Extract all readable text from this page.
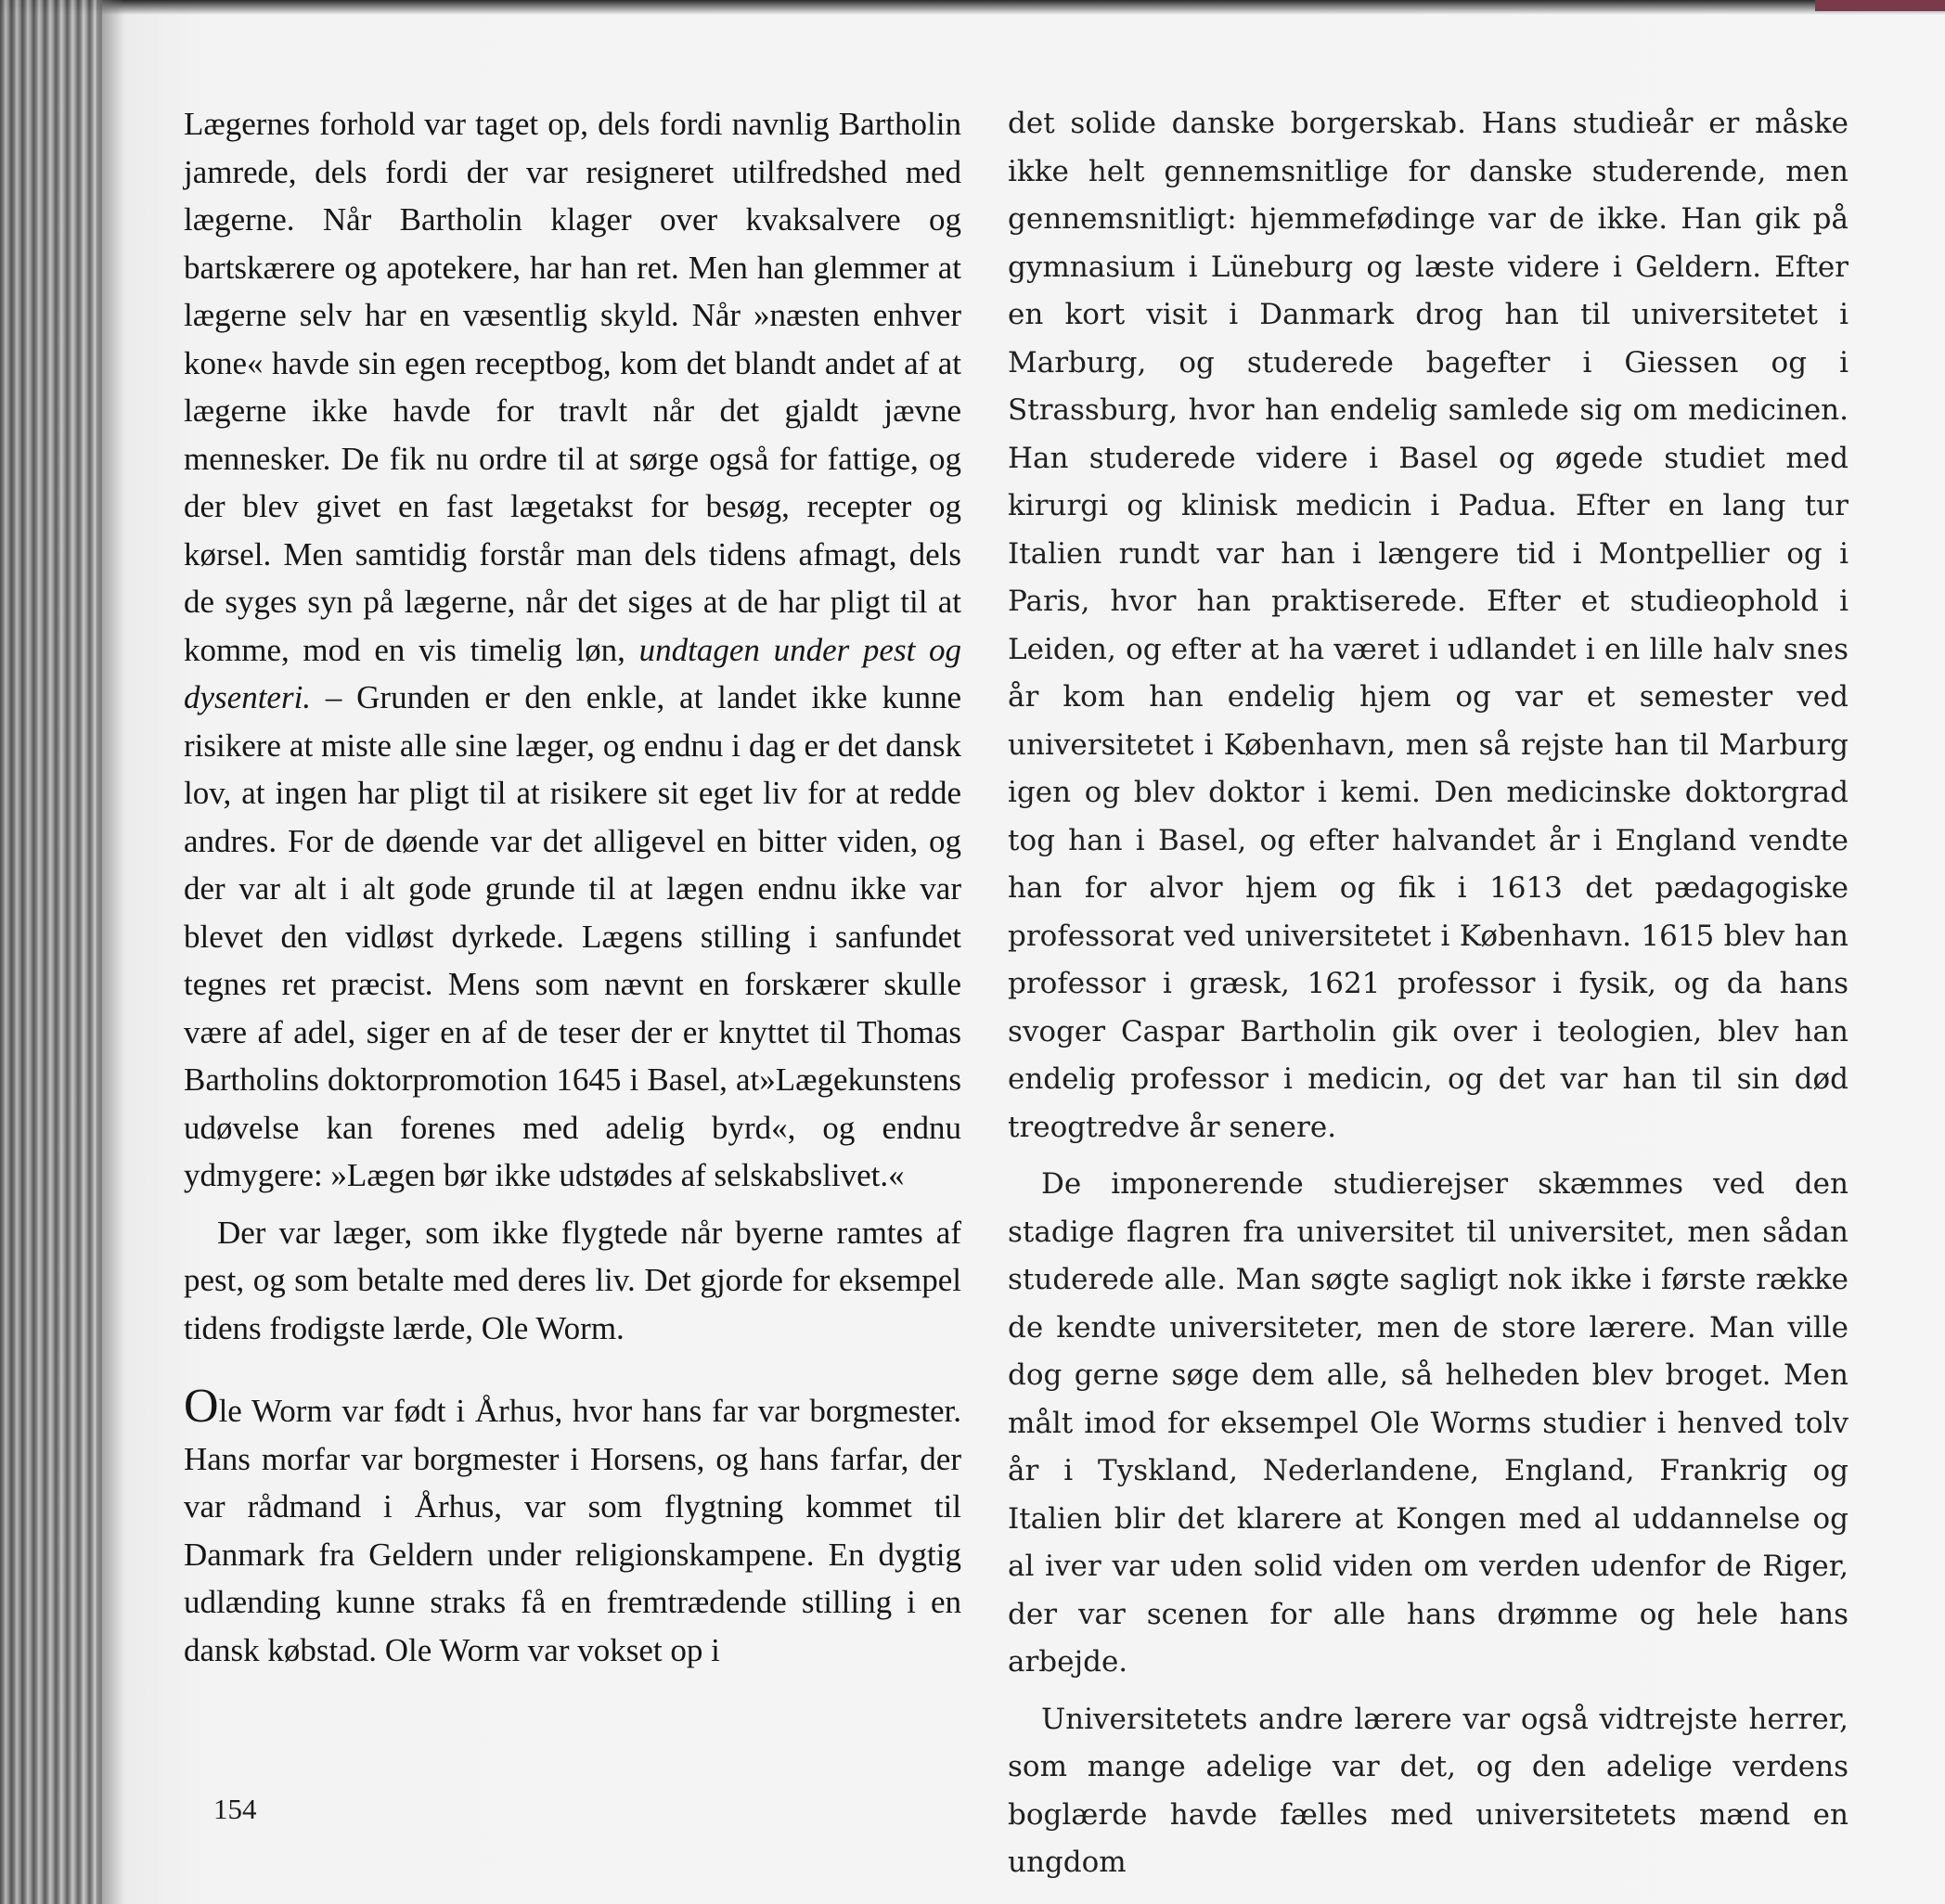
Lægernes forhold var taget op, dels fordi navnlig Bartholin jamrede, dels fordi der var resigneret utilfredshed med lægerne. Når Bartholin klager over kvaksalvere og bartskærere og apotekere, har han ret. Men han glemmer at lægerne selv har en væsentlig skyld. Når »næsten enhver kone« havde sin egen receptbog, kom det blandt andet af at lægerne ikke havde for travlt når det gjaldt jævne mennesker. De fik nu ordre til at sørge også for fattige, og der blev givet en fast lægetakst for besøg, recepter og kørsel. Men samtidig forstår man dels tidens afmagt, dels de syges syn på lægerne, når det siges at de har pligt til at komme, mod en vis timelig løn, undtagen under pest og dysenteri. – Grunden er den enkle, at landet ikke kunne risikere at miste alle sine læger, og endnu i dag er det dansk lov, at ingen har pligt til at risikere sit eget liv for at redde andres. For de døende var det alligevel en bitter viden, og der var alt i alt gode grunde til at lægen endnu ikke var blevet den vidløst dyrkede. Lægens stilling i sanfundet tegnes ret præcist. Mens som nævnt en forskærer skulle være af adel, siger en af de teser der er knyttet til Thomas Bartholins doktorpromotion 1645 i Basel, at»Lægekunstens udøvelse kan forenes med adelig byrd«, og endnu ydmygere: »Lægen bør ikke udstødes af selskabslivet.«

Der var læger, som ikke flygtede når byerne ramtes af pest, og som betalte med deres liv. Det gjorde for eksempel tidens frodigste lærde, Ole Worm.

Ole Worm var født i Århus, hvor hans far var borgmester. Hans morfar var borgmester i Horsens, og hans farfar, der var rådmand i Århus, var som flygtning kommet til Danmark fra Geldern under religionskampene. En dygtig udlænding kunne straks få en fremtrædende stilling i en dansk købstad. Ole Worm var vokset op i

det solide danske borgerskab. Hans studieår er måske ikke helt gennemsnitlige for danske studerende, men gennemsnitligt: hjemmefødinge var de ikke. Han gik på gymnasium i Lüneburg og læste videre i Geldern. Efter en kort visit i Danmark drog han til universitetet i Marburg, og studerede bagefter i Giessen og i Strassburg, hvor han endelig samlede sig om medicinen. Han studerede videre i Basel og øgede studiet med kirurgi og klinisk medicin i Padua. Efter en lang tur Italien rundt var han i længere tid i Montpellier og i Paris, hvor han praktiserede. Efter et studieophold i Leiden, og efter at ha været i udlandet i en lille halv snes år kom han endelig hjem og var et semester ved universitetet i København, men så rejste han til Marburg igen og blev doktor i kemi. Den medicinske doktorgrad tog han i Basel, og efter halvandet år i England vendte han for alvor hjem og fik i 1613 det pædagogiske professorat ved universitetet i København. 1615 blev han professor i græsk, 1621 professor i fysik, og da hans svoger Caspar Bartholin gik over i teologien, blev han endelig professor i medicin, og det var han til sin død treogtredve år senere.

De imponerende studierejser skæmmes ved den stadige flagren fra universitet til universitet, men sådan studerede alle. Man søgte sagligt nok ikke i første række de kendte universiteter, men de store lærere. Man ville dog gerne søge dem alle, så helheden blev broget. Men målt imod for eksempel Ole Worms studier i henved tolv år i Tyskland, Nederlandene, England, Frankrig og Italien blir det klarere at Kongen med al uddannelse og al iver var uden solid viden om verden udenfor de Riger, der var scenen for alle hans drømme og hele hans arbejde.

Universitetets andre lærere var også vidtrejste herrer, som mange adelige var det, og den adelige verdens boglærde havde fælles med universitetets mænd en ungdom

154
